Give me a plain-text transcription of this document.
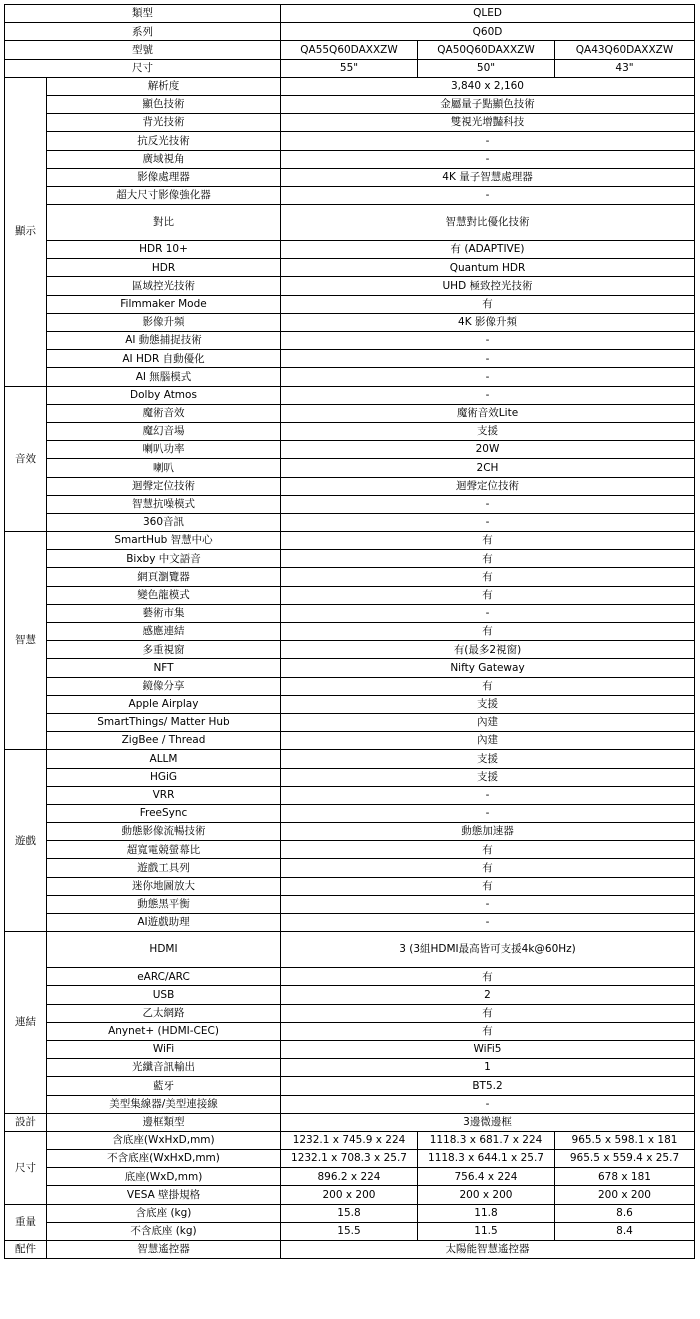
類型		QLED		
系列		Q60D		
型號		QA55Q60DAXXZW	QA50Q60DAXXZW	QA43Q60DAXXZW
尺寸		55"	50"	43"
顯示	解析度	3,840 x 2,160		
	顯色技術	金屬量子點顯色技術		
	背光技術	雙視光增豔科技		
	抗反光技術	-		
	廣域視角	-		
	影像處理器	4K 量子智慧處理器		
	超大尺寸影像強化器	-		
	對比	智慧對比優化技術		
	HDR 10+	有 (ADAPTIVE)		
	HDR	Quantum HDR		
	區域控光技術	UHD 極致控光技術		
	Filmmaker Mode	有		
	影像升頻	4K 影像升頻		
	AI 動態捕捉技術	-		
	AI HDR 自動優化	-		
	AI 無腦模式	-		
音效	Dolby Atmos	-		
	魔術音效	魔術音效Lite		
	魔幻音場	支援		
	喇叭功率	20W		
	喇叭	2CH		
	迴聲定位技術	迴聲定位技術		
	智慧抗噪模式	-		
	360音訊	-		
智慧	SmartHub 智慧中心	有		
	Bixby 中文語音	有		
	網頁瀏覽器	有		
	變色龍模式	有		
	藝術市集	-		
	感應連結	有		
	多重視窗	有(最多2視窗)		
	NFT	Nifty Gateway		
	鏡像分享	有		
	Apple Airplay	支援		
	SmartThings/ Matter Hub	內建		
	ZigBee / Thread	內建		
遊戲	ALLM	支援		
	HGiG	支援		
	VRR	-		
	FreeSync	-		
	動態影像流暢技術	動態加速器		
	超寬電競螢幕比	有		
	遊戲工具列	有		
	迷你地圖放大	有		
	動態黑平衡	-		
	AI遊戲助理	-		
連結	HDMI	3 (3組HDMI最高皆可支援4k@60Hz)		
	eARC/ARC	有		
	USB	2		
	乙太網路	有		
	Anynet+ (HDMI-CEC)	有		
	WiFi	WiFi5		
	光纖音訊輸出	1		
	藍牙	BT5.2		
	美型集線器/美型連接線	-		
設計	邊框類型	3邊微邊框		
尺寸	含底座(WxHxD,mm)	1232.1 x 745.9 x 224	1118.3 x 681.7 x 224	965.5 x 598.1 x 181
	不含底座(WxHxD,mm)	1232.1 x 708.3 x 25.7	1118.3 x 644.1 x 25.7	965.5 x 559.4 x 25.7
	底座(WxD,mm)	896.2 x 224	756.4 x 224	678 x 181
	VESA 壁掛規格	200 x 200	200 x 200	200 x 200
重量	含底座 (kg)	15.8	11.8	8.6
	不含底座 (kg)	15.5	11.5	8.4
配件	智慧遙控器	太陽能智慧遙控器		
